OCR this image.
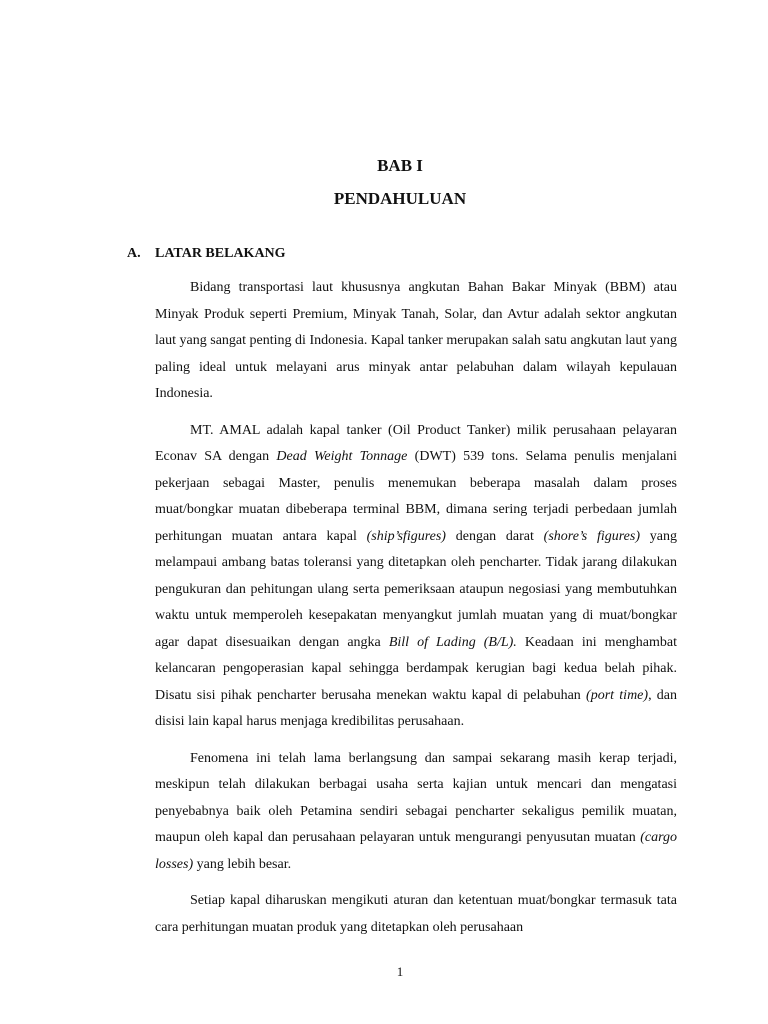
BAB I
PENDAHULUAN
A. LATAR BELAKANG

Bidang transportasi laut khususnya angkutan Bahan Bakar Minyak (BBM) atau Minyak Produk seperti Premium, Minyak Tanah, Solar, dan Avtur adalah sektor angkutan laut yang sangat penting di Indonesia. Kapal tanker merupakan salah satu angkutan laut yang paling ideal untuk melayani arus minyak antar pelabuhan dalam wilayah kepulauan Indonesia.

MT. AMAL adalah kapal tanker (Oil Product Tanker) milik perusahaan pelayaran Econav SA dengan Dead Weight Tonnage (DWT) 539 tons. Selama penulis menjalani pekerjaan sebagai Master, penulis menemukan beberapa masalah dalam proses muat/bongkar muatan dibeberapa terminal BBM, dimana sering terjadi perbedaan jumlah perhitungan muatan antara kapal (ship’sfigures) dengan darat (shore’s figures) yang melampaui ambang batas toleransi yang ditetapkan oleh pencharter. Tidak jarang dilakukan pengukuran dan pehitungan ulang serta pemeriksaan ataupun negosiasi yang membutuhkan waktu untuk memperoleh kesepakatan menyangkut jumlah muatan yang di muat/bongkar agar dapat disesuaikan dengan angka Bill of Lading (B/L). Keadaan ini menghambat kelancaran pengoperasian kapal sehingga berdampak kerugian bagi kedua belah pihak. Disatu sisi pihak pencharter berusaha menekan waktu kapal di pelabuhan (port time), dan disisi lain kapal harus menjaga kredibilitas perusahaan.

Fenomena ini telah lama berlangsung dan sampai sekarang masih kerap terjadi, meskipun telah dilakukan berbagai usaha serta kajian untuk mencari dan mengatasi penyebabnya baik oleh Petamina sendiri sebagai pencharter sekaligus pemilik muatan, maupun oleh kapal dan perusahaan pelayaran untuk mengurangi penyusutan muatan (cargo losses) yang lebih besar.

Setiap kapal diharuskan mengikuti aturan dan ketentuan muat/bongkar termasuk tata cara perhitungan muatan produk yang ditetapkan oleh perusahaan

1
